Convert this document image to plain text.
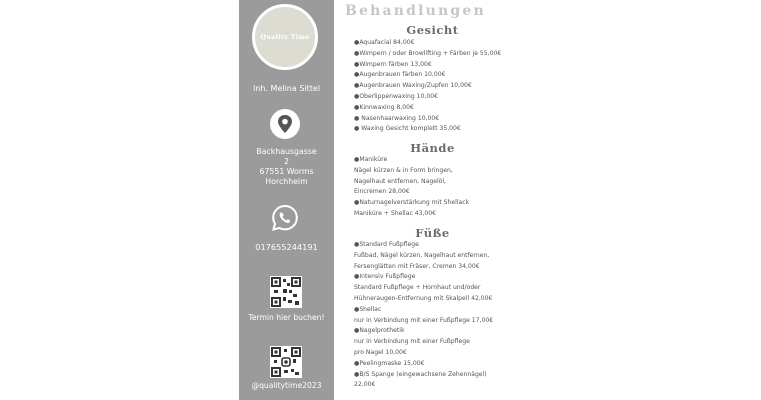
Quality Time
Inh. Melina Sittel
Backhausgasse
2
67551 Worms
Horchheim
017655244191
Termin hier buchen!
@qualitytime2023
Behandlungen
Gesicht
●Aquafacial 84,00€
●Wimpern / oder Browlifting + Färben je 55,00€
●Wimpern färben 13,00€
●Augenbrauen färben 10,00€
●Augenbrauen Waxing/Zupfen 10,00€
●Oberlippenwaxing 10,00€
●Kinnwaxing 8,00€
● Nasenhaarwaxing 10,00€
● Waxing Gesicht komplett 35,00€
Hände
●Maniküre
Nägel kürzen & in Form bringen,
Nagelhaut entfernen, Nagelöl,
Eincremen 28,00€
●Naturnagelverstärkung mit Shellack
Maniküre + Shellac 43,00€
Füße
●Standard Fußpflege
Fußbad, Nägel kürzen, Nagelhaut entfernen,
Fersenglätten mit Fräser, Cremen 34,00€
●Intensiv Fußpflege
Standard Fußpflege + Hornhaut und/oder
Hühneraugen-Entfernung mit Skalpell 42,00€
●Shellac
nur in Verbindung mit einer Fußpflege 17,00€
●Nagelprothetik
nur in Verbindung mit einer Fußpflege
pro Nagel 10,00€
●Peelingmaske 15,00€
●B/S Spange (eingewachsene Zehennägel)
22,00€
